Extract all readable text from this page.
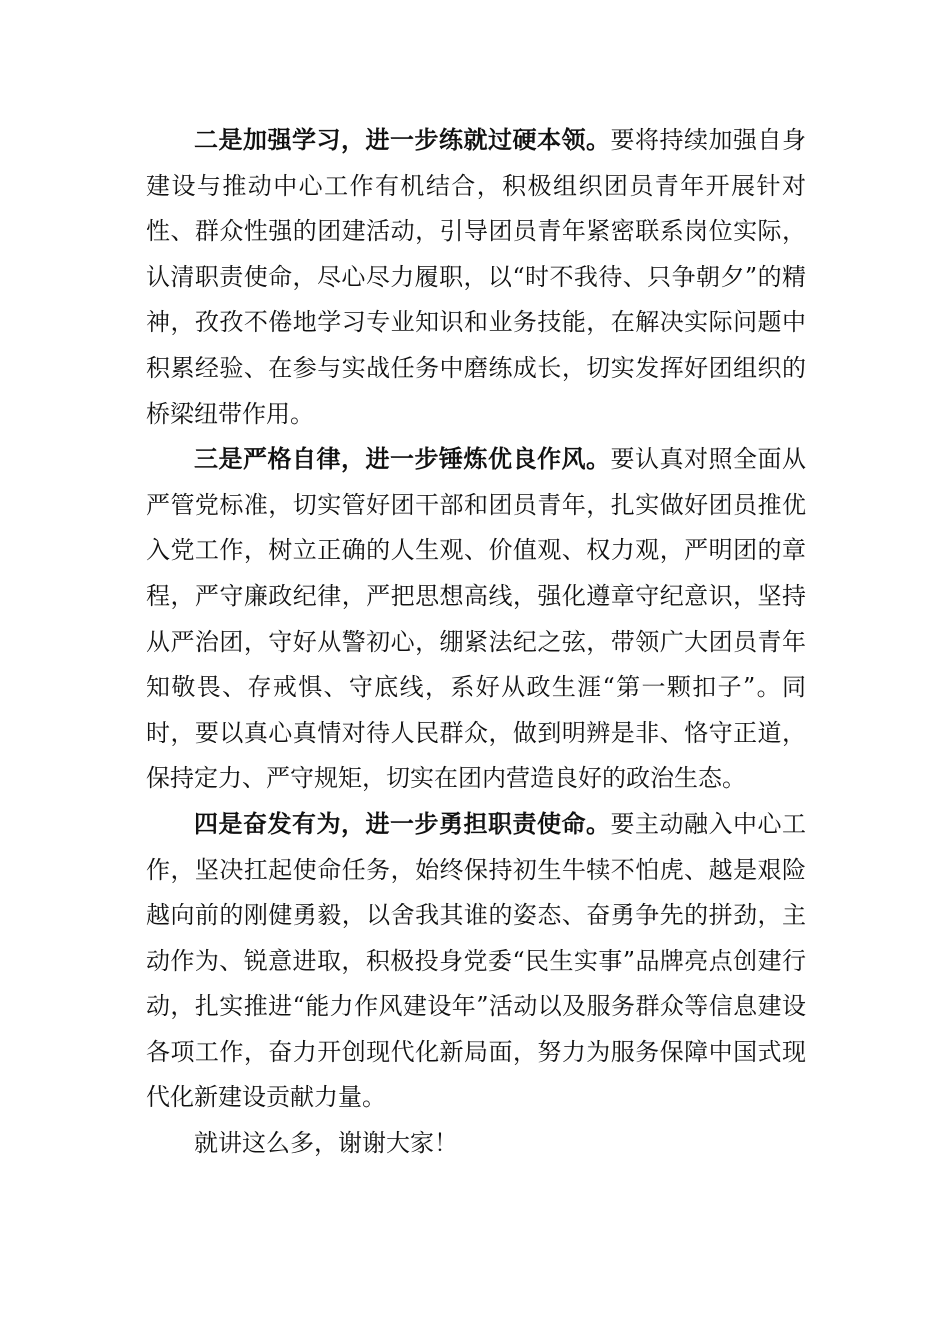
二是加强学习，进一步练就过硬本领。要将持续加强自身建设与推动中心工作有机结合，积极组织团员青年开展针对性、群众性强的团建活动，引导团员青年紧密联系岗位实际，认清职责使命，尽心尽力履职，以“时不我待、只争朝夕”的精神，孜孜不倦地学习专业知识和业务技能，在解决实际问题中积累经验、在参与实战任务中磨练成长，切实发挥好团组织的桥梁纽带作用。

三是严格自律，进一步锤炼优良作风。要认真对照全面从严管党标准，切实管好团干部和团员青年，扎实做好团员推优入党工作，树立正确的人生观、价值观、权力观，严明团的章程，严守廉政纪律，严把思想高线，强化遵章守纪意识，坚持从严治团，守好从警初心，绷紧法纪之弦，带领广大团员青年知敬畏、存戒惧、守底线，系好从政生涯“第一颗扣子”。同时，要以真心真情对待人民群众，做到明辨是非、恪守正道，保持定力、严守规矩，切实在团内营造良好的政治生态。

四是奋发有为，进一步勇担职责使命。要主动融入中心工作，坚决扛起使命任务，始终保持初生牛犊不怕虎、越是艰险越向前的刚健勇毅，以舍我其谁的姿态、奋勇争先的拼劲，主动作为、锐意进取，积极投身党委“民生实事”品牌亮点创建行动，扎实推进“能力作风建设年”活动以及服务群众等信息建设各项工作，奋力开创现代化新局面，努力为服务保障中国式现代化新建设贡献力量。

就讲这么多，谢谢大家！
